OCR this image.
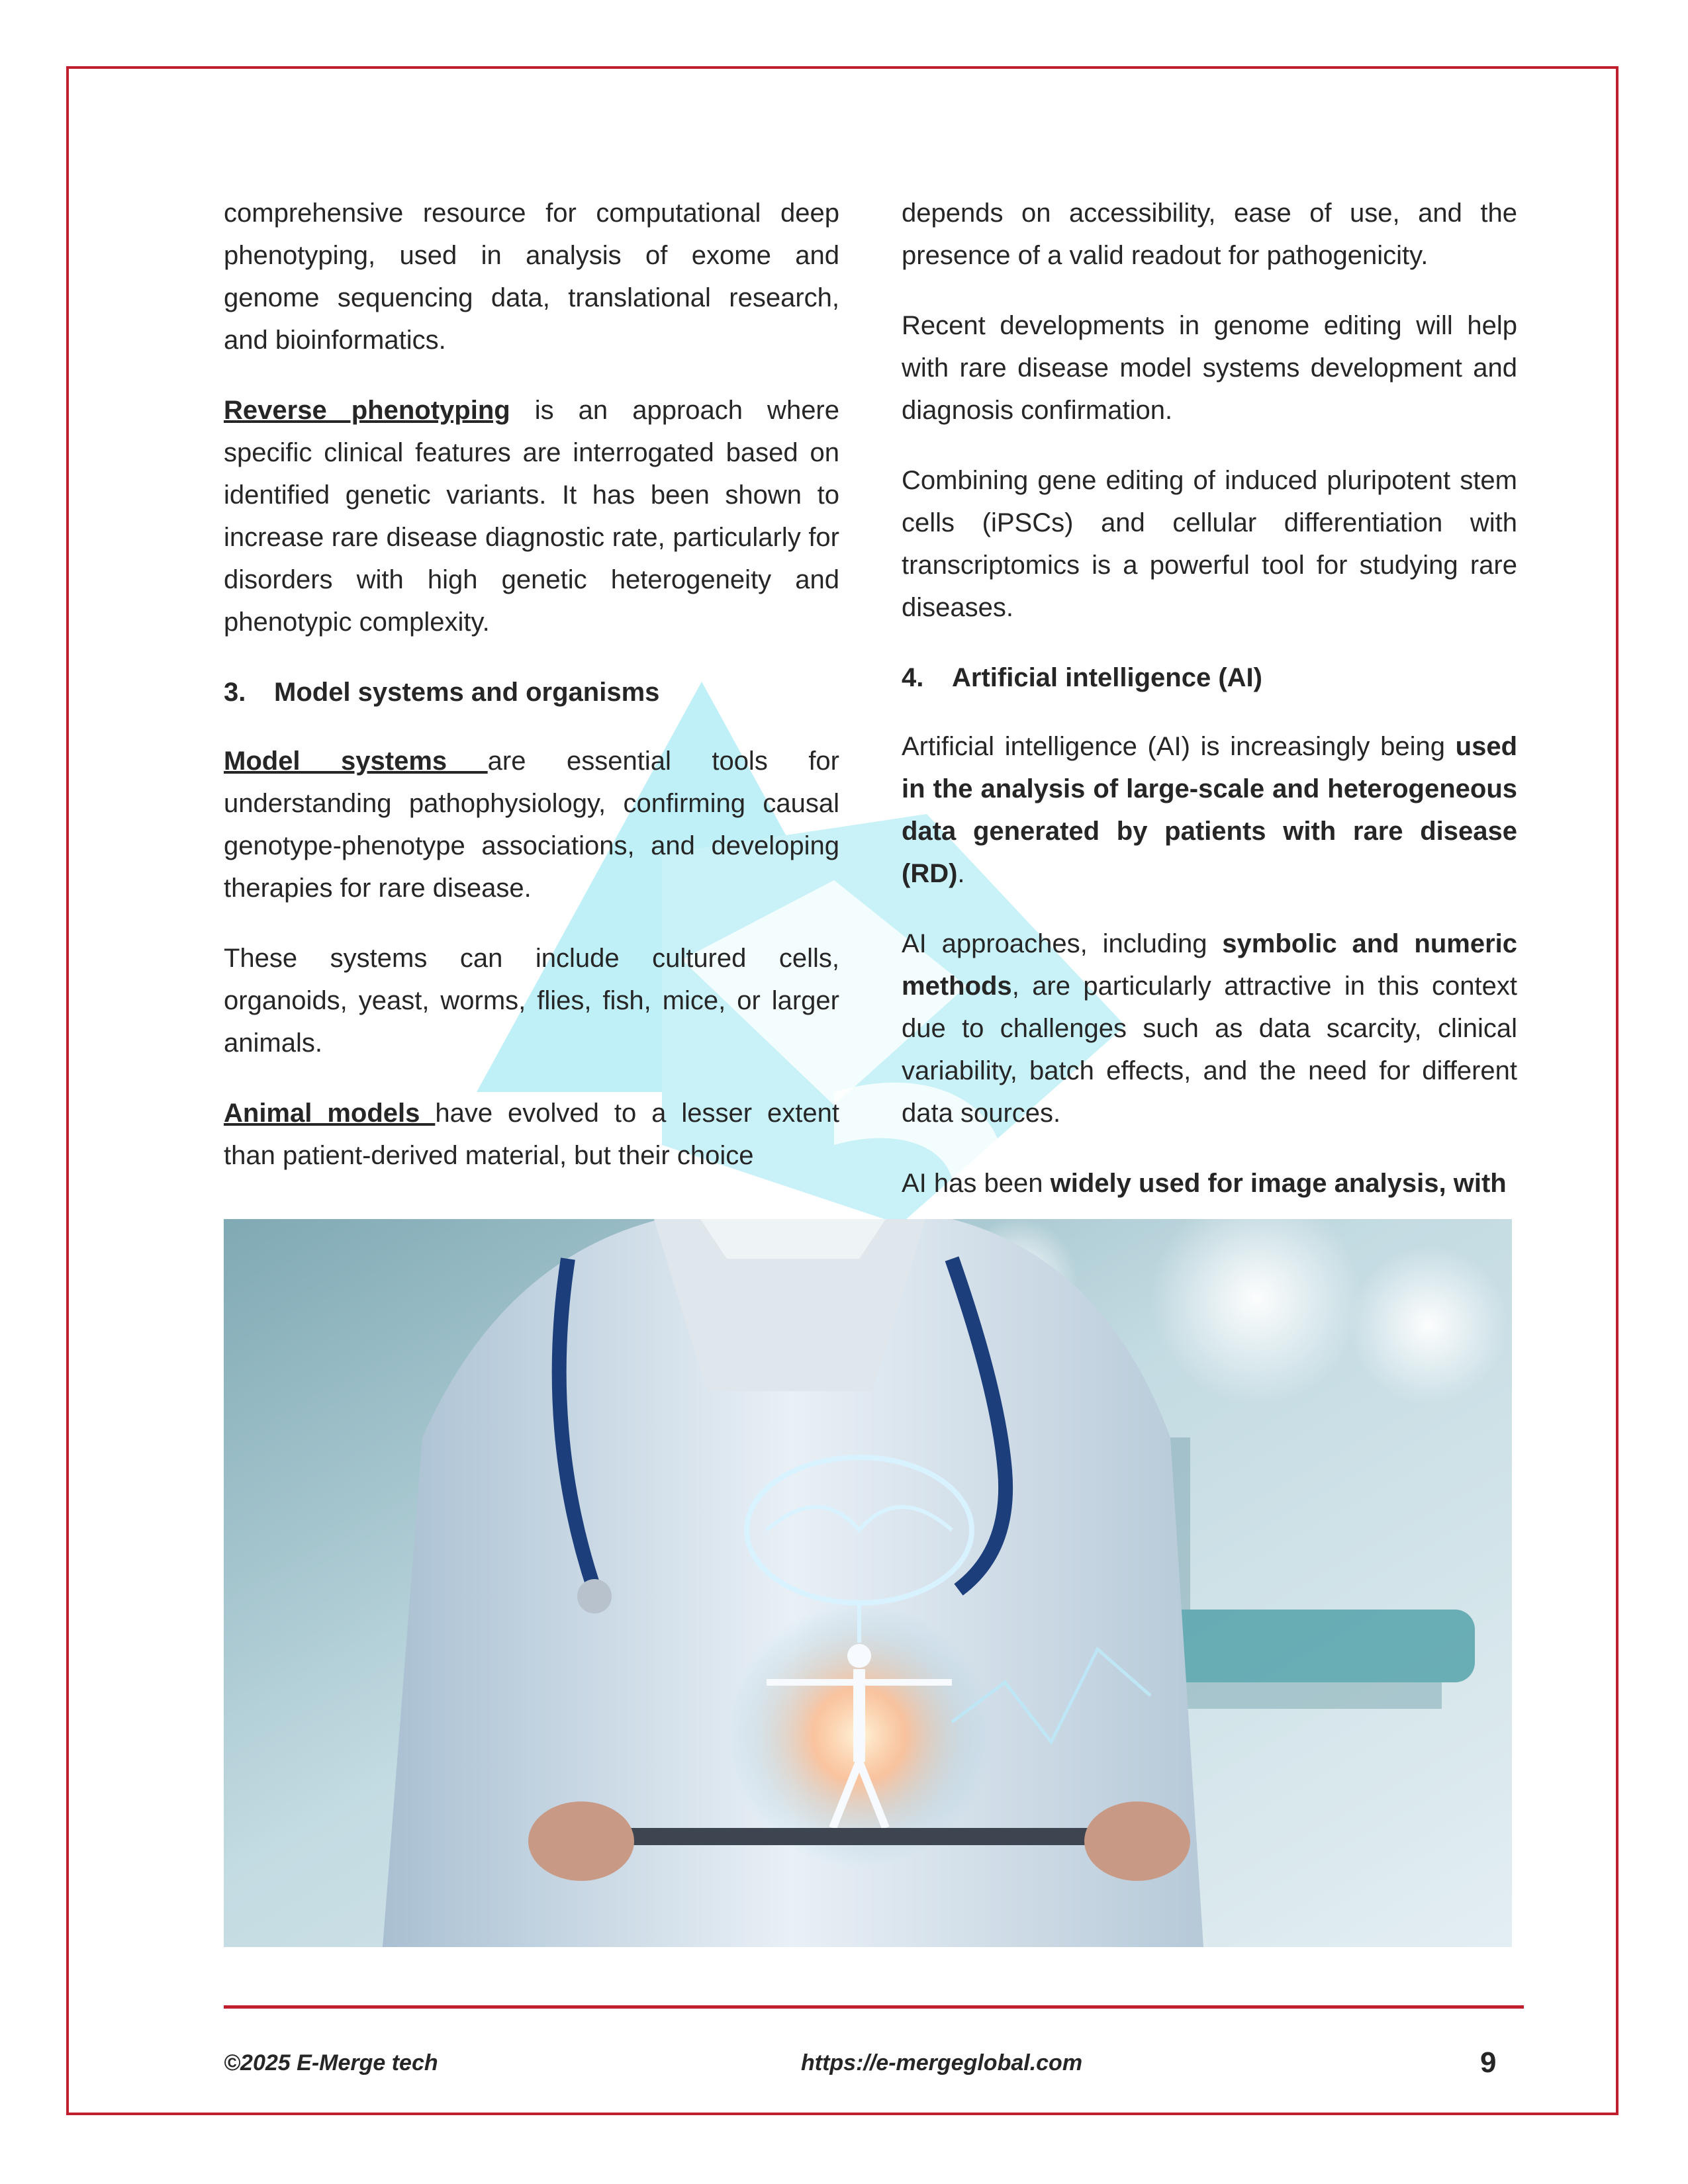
comprehensive resource for computational deep phenotyping, used in analysis of exome and genome sequencing data, translational research, and bioinformatics.

Reverse phenotyping is an approach where specific clinical features are interrogated based on identified genetic variants. It has been shown to increase rare disease diagnostic rate, particularly for disorders with high genetic heterogeneity and phenotypic complexity.

3. Model systems and organisms

Model systems are essential tools for understanding pathophysiology, confirming causal genotype-phenotype associations, and developing therapies for rare disease.

These systems can include cultured cells, organoids, yeast, worms, flies, fish, mice, or larger animals.

Animal models have evolved to a lesser extent than patient-derived material, but their choice

depends on accessibility, ease of use, and the presence of a valid readout for pathogenicity.

Recent developments in genome editing will help with rare disease model systems development and diagnosis confirmation.

Combining gene editing of induced pluripotent stem cells (iPSCs) and cellular differentiation with transcriptomics is a powerful tool for studying rare diseases.

4. Artificial intelligence (AI)

Artificial intelligence (AI) is increasingly being used in the analysis of large-scale and heterogeneous data generated by patients with rare disease (RD).

AI approaches, including symbolic and numeric methods, are particularly attractive in this context due to challenges such as data scarcity, clinical variability, batch effects, and the need for different data sources.

AI has been widely used for image analysis, with

©2025 E-Merge tech	https://e-mergeglobal.com	9
